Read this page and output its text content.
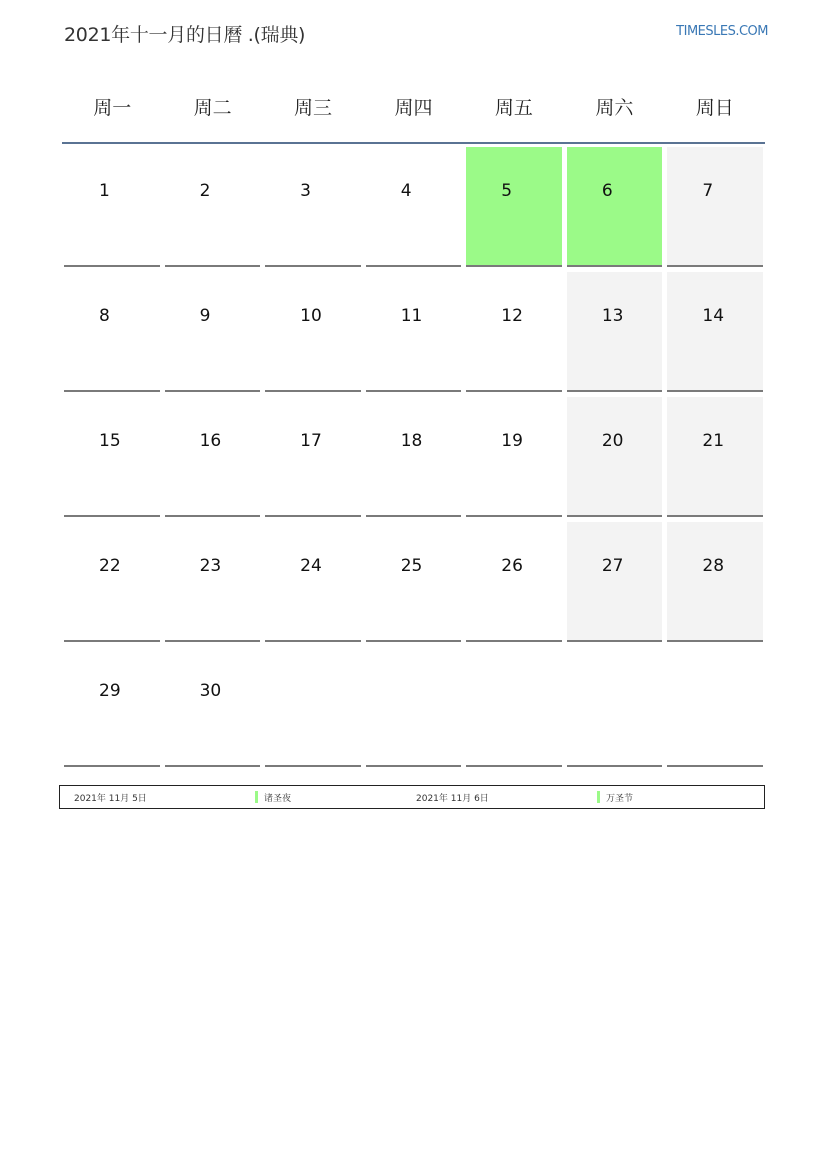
2021年十一月的日曆 .(瑞典)	TIMESLES.COM
周一	周二	周三	周四	周五	周六	周日
1	2	3	4	5	6	7
8	9	10	11	12	13	14
15	16	17	18	19	20	21
22	23	24	25	26	27	28
29	30
2021年 11月 5日	诸圣夜	2021年 11月 6日	万圣节
